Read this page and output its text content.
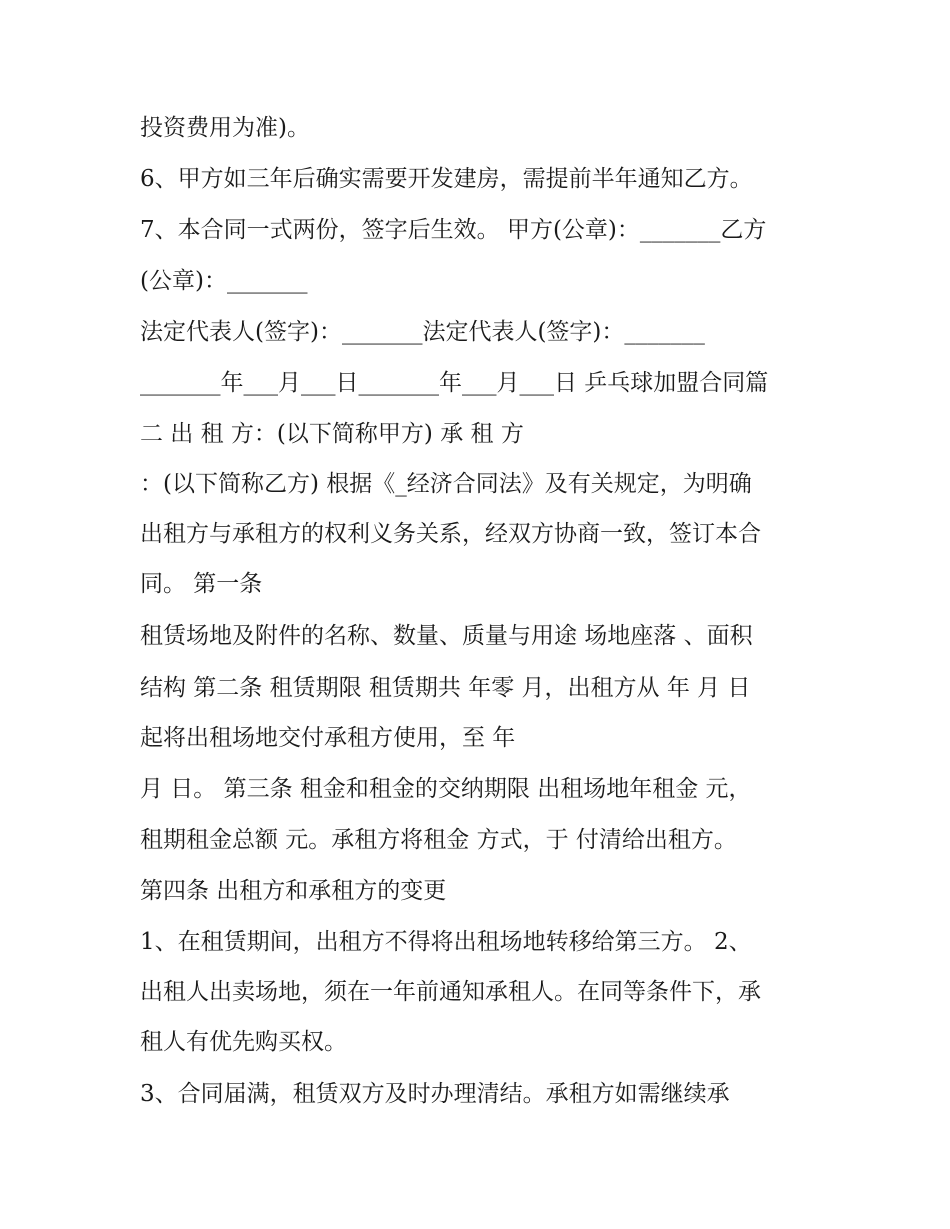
投资费用为准)。

6、甲方如三年后确实需要开发建房，需提前半年通知乙方。

7、本合同一式两份，签字后生效。 甲方(公章)：_______乙方

(公章)：_______

法定代表人(签字)：_______法定代表人(签字)：_______

_______年___月___日_______年___月___日 乒乓球加盟合同篇

二 出 租 方：(以下简称甲方) 承 租 方

：(以下简称乙方) 根据《_经济合同法》及有关规定，为明确

出租方与承租方的权利义务关系，经双方协商一致，签订本合

同。 第一条

租赁场地及附件的名称、数量、质量与用途 场地座落 、面积

结构 第二条 租赁期限 租赁期共 年零 月，出租方从 年 月 日

起将出租场地交付承租方使用，至 年

月 日。 第三条 租金和租金的交纳期限 出租场地年租金 元，

租期租金总额 元。承租方将租金 方式，于 付清给出租方。

第四条 出租方和承租方的变更

1、在租赁期间，出租方不得将出租场地转移给第三方。 2、

出租人出卖场地，须在一年前通知承租人。在同等条件下，承

租人有优先购买权。

3、合同届满，租赁双方及时办理清结。承租方如需继续承
